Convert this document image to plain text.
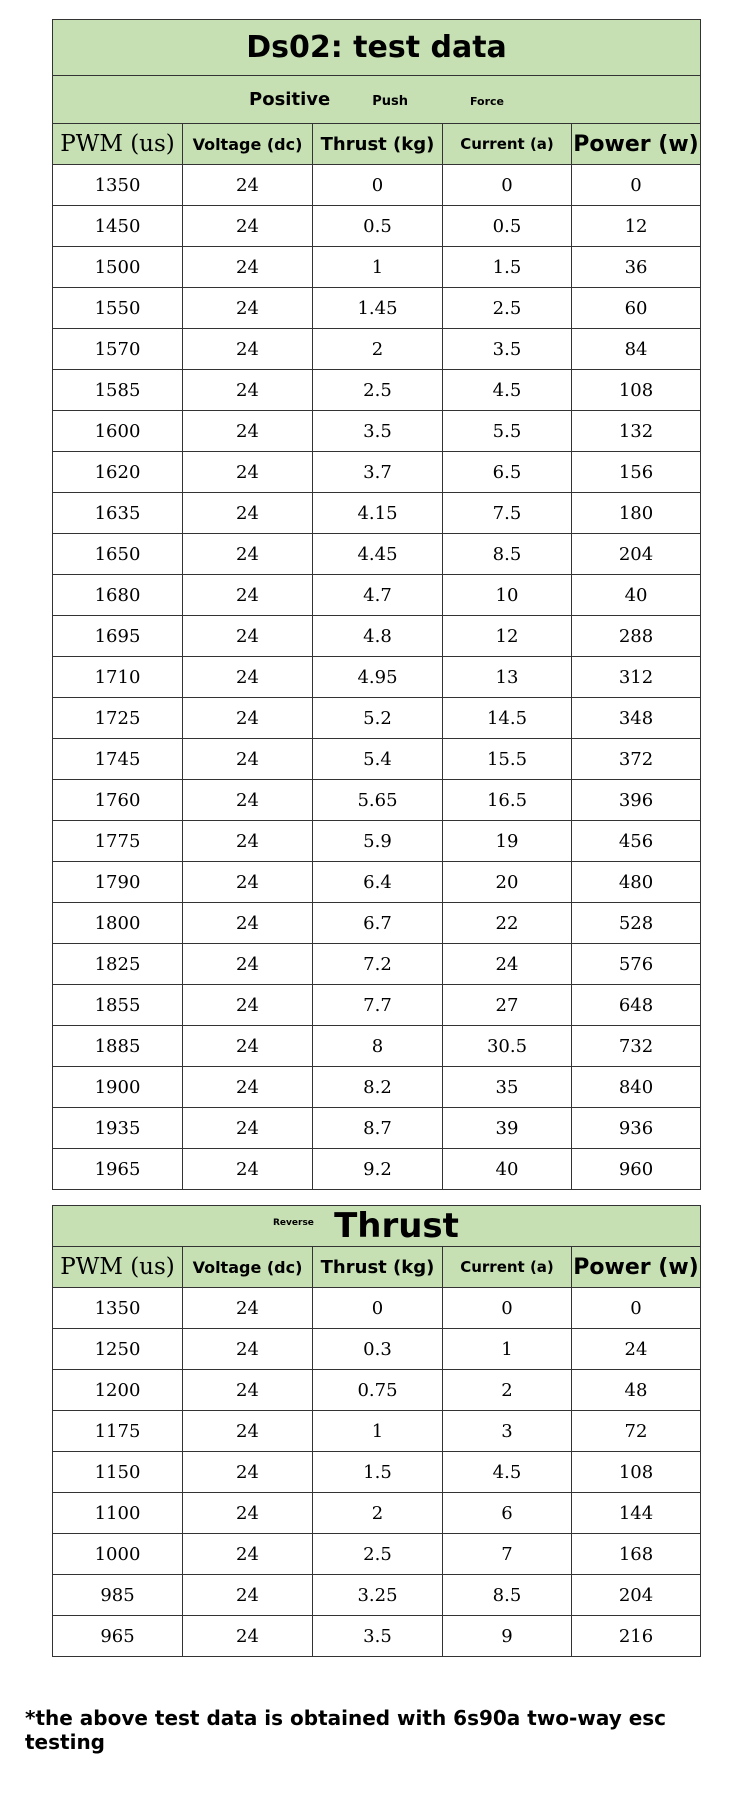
Ds02: test data				
Positive Push Force				
PWM (us)	Voltage (dc)	Thrust (kg)	Current (a)	Power (w)
1350	24	0	0	0
1450	24	0.5	0.5	12
1500	24	1	1.5	36
1550	24	1.45	2.5	60
1570	24	2	3.5	84
1585	24	2.5	4.5	108
1600	24	3.5	5.5	132
1620	24	3.7	6.5	156
1635	24	4.15	7.5	180
1650	24	4.45	8.5	204
1680	24	4.7	10	40
1695	24	4.8	12	288
1710	24	4.95	13	312
1725	24	5.2	14.5	348
1745	24	5.4	15.5	372
1760	24	5.65	16.5	396
1775	24	5.9	19	456
1790	24	6.4	20	480
1800	24	6.7	22	528
1825	24	7.2	24	576
1855	24	7.7	27	648
1885	24	8	30.5	732
1900	24	8.2	35	840
1935	24	8.7	39	936
1965	24	9.2	40	960
Reverse Thrust				
PWM (us)	Voltage (dc)	Thrust (kg)	Current (a)	Power (w)
1350	24	0	0	0
1250	24	0.3	1	24
1200	24	0.75	2	48
1175	24	1	3	72
1150	24	1.5	4.5	108
1100	24	2	6	144
1000	24	2.5	7	168
985	24	3.25	8.5	204
965	24	3.5	9	216
*the above test data is obtained with 6s90a two-way esc testing
